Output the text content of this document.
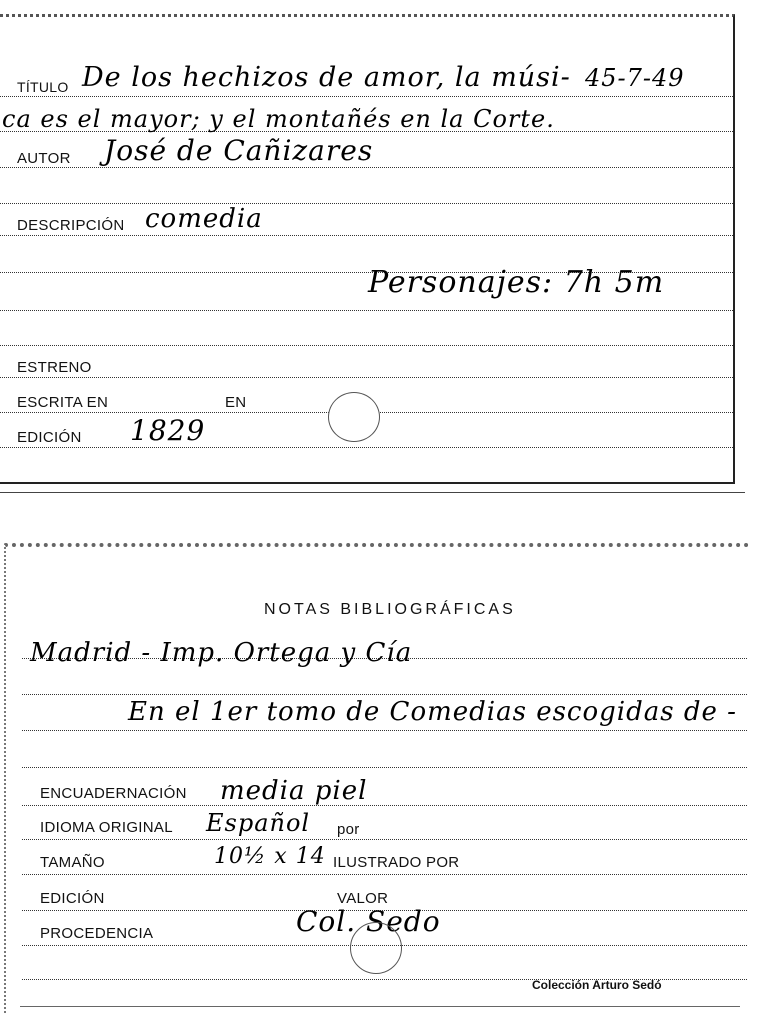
TÍTULO De los hechizos de amor, la músi- 45-7-49
ca es el mayor; y el montañés en la Corte.
AUTOR José de Cañizares
DESCRIPCIÓN comedia
Personajes: 7h 5m
ESTRENO
ESCRITA EN	EN
EDICIÓN 1829
NOTAS BIBLIOGRÁFICAS
Madrid - Imp. Ortega y Cía
En el 1er tomo de Comedias escogidas de -
ENCUADERNACIÓN media piel
IDIOMA ORIGINAL Español por
TAMAÑO	10½ x 14 ILUSTRADO POR
EDICIÓN	VALOR
PROCEDENCIA	Col. Sedo
Colección Arturo Sedó
